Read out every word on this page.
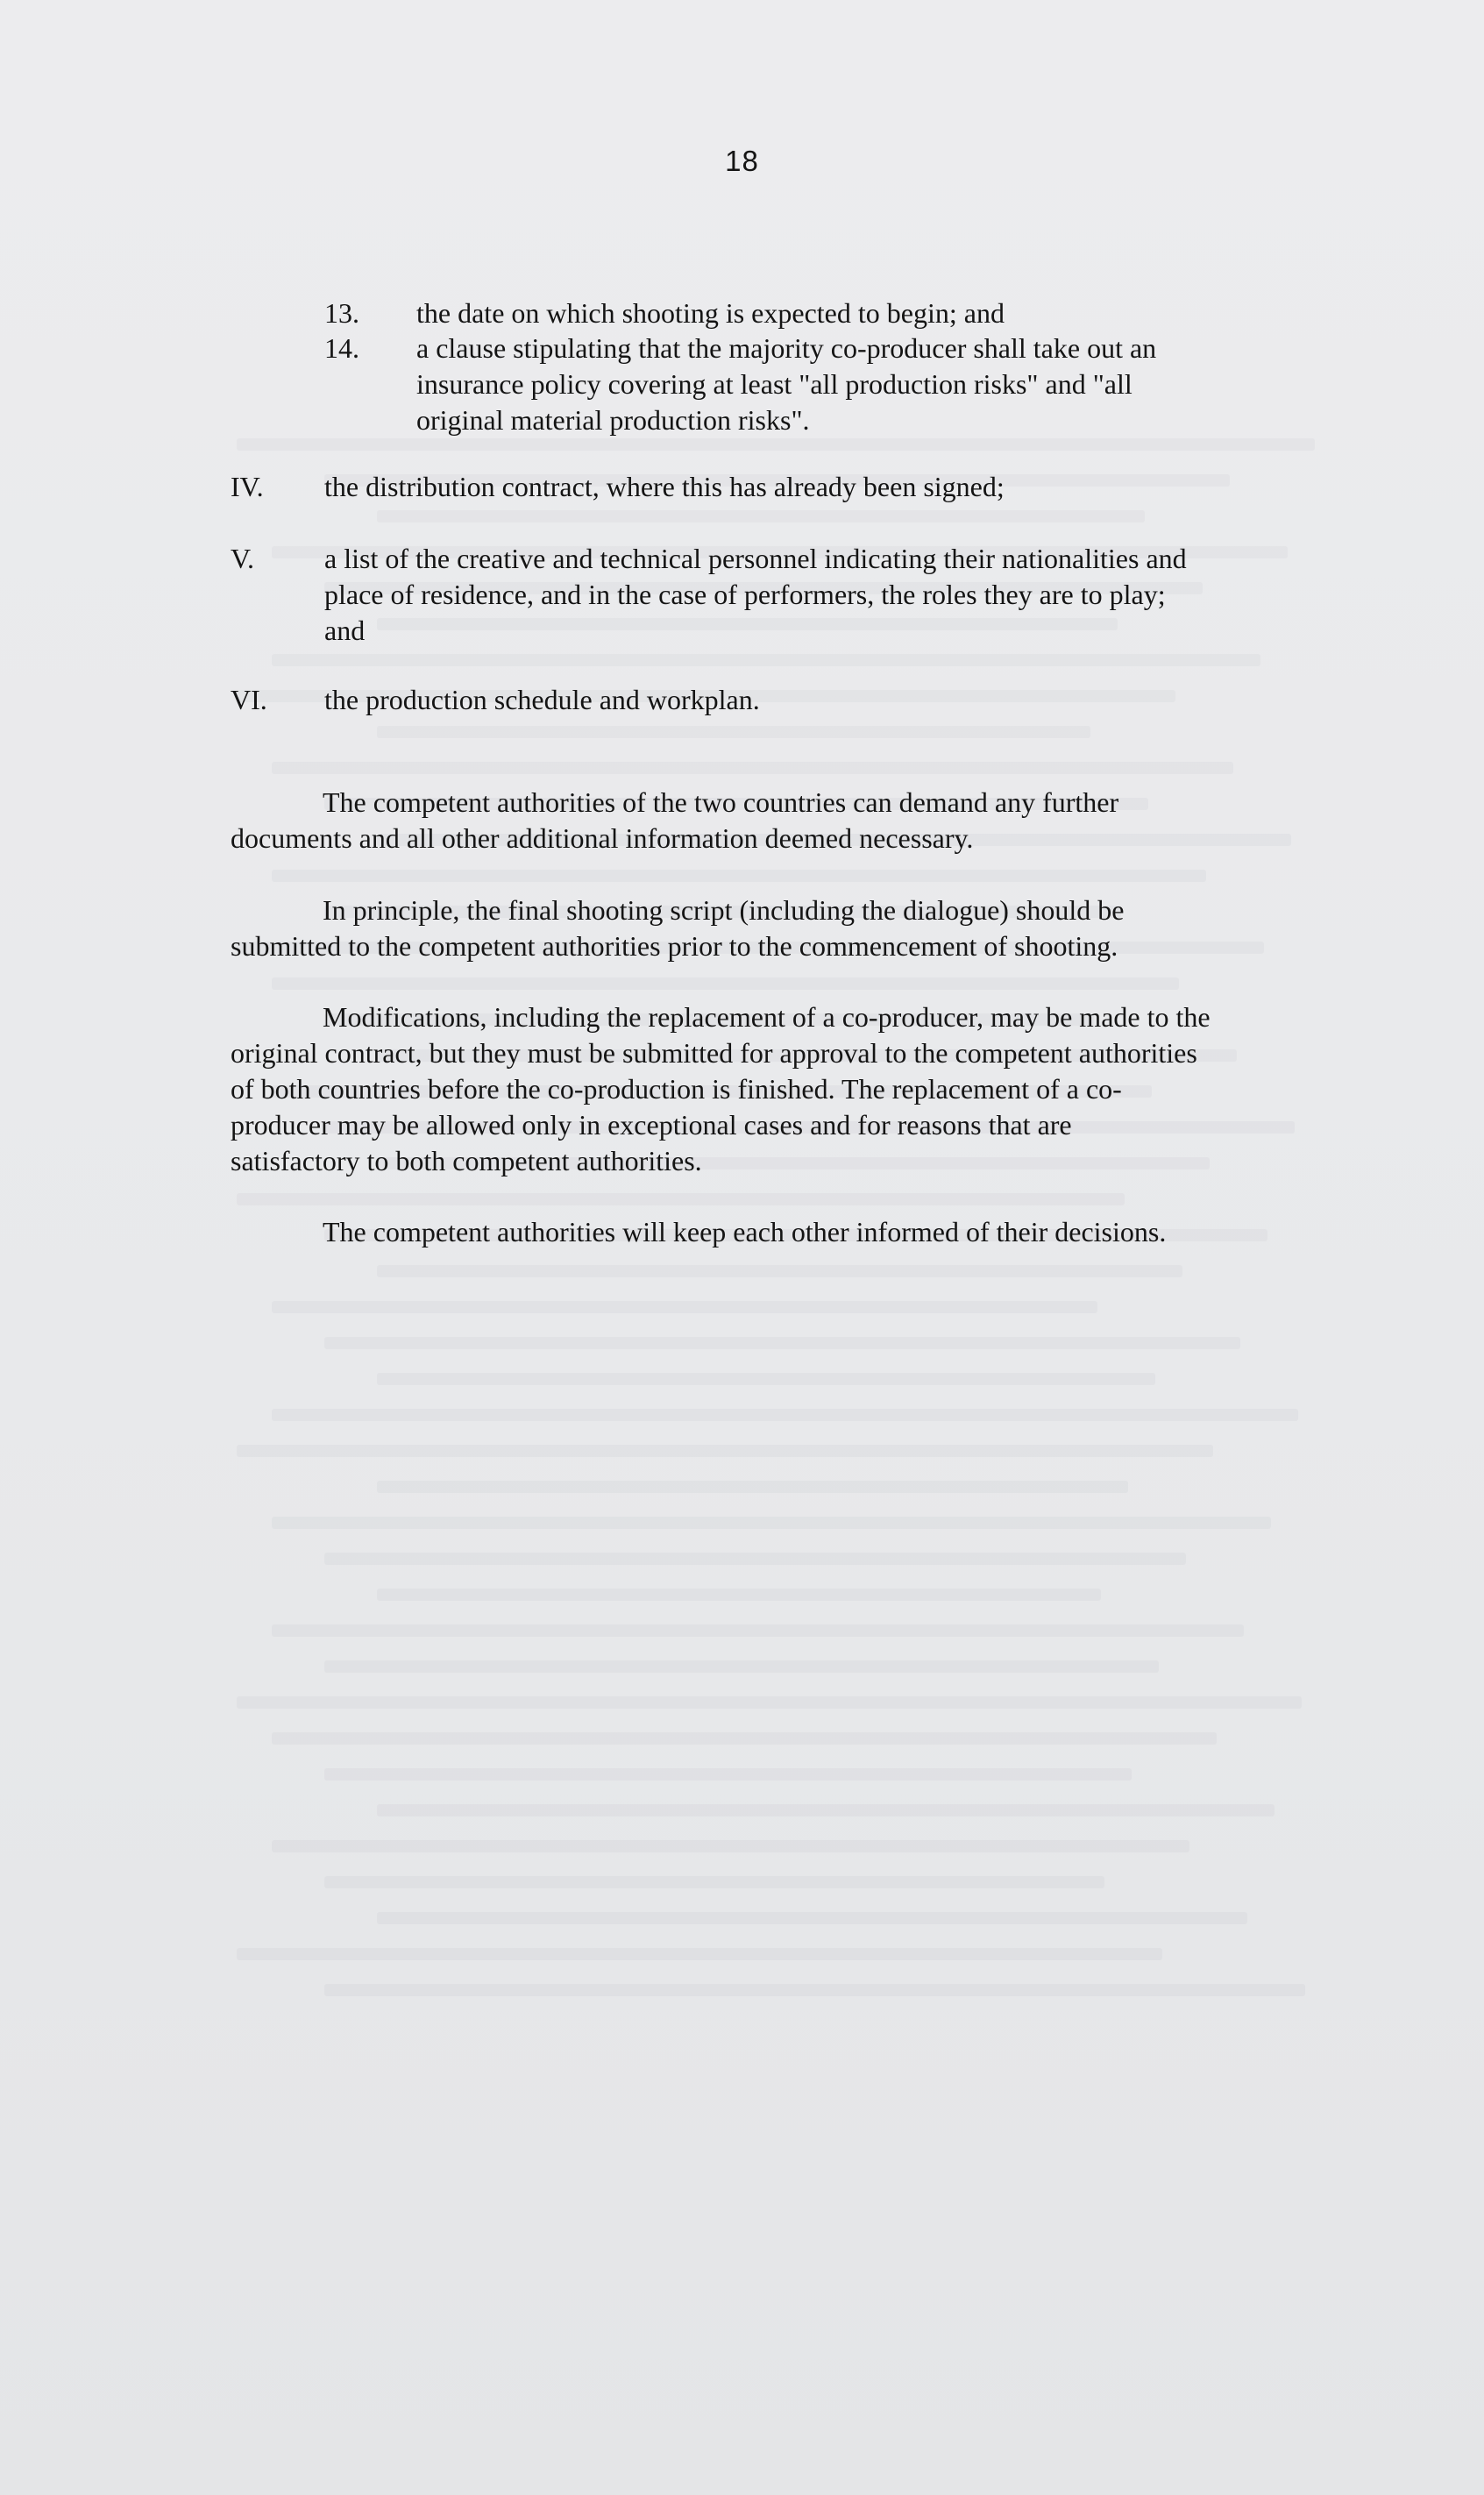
18
13. the date on which shooting is expected to begin; and
14. a clause stipulating that the majority co-producer shall take out an
insurance policy covering at least "all production risks" and "all
original material production risks".
IV. the distribution contract, where this has already been signed;
V.	a list of the creative and technical personnel indicating their nationalities and
place of residence, and in the case of performers, the roles they are to play;
and
VI. the production schedule and workplan.
The competent authorities of the two countries can demand any further
documents and all other additional information deemed necessary.
In principle, the final shooting script (including the dialogue) should be
submitted to the competent authorities prior to the commencement of shooting.
Modifications, including the replacement of a co-producer, may be made to the
original contract, but they must be submitted for approval to the competent authorities
of both countries before the co-production is finished. The replacement of a co-
producer may be allowed only in exceptional cases and for reasons that are
satisfactory to both competent authorities.
The competent authorities will keep each other informed of their decisions.
